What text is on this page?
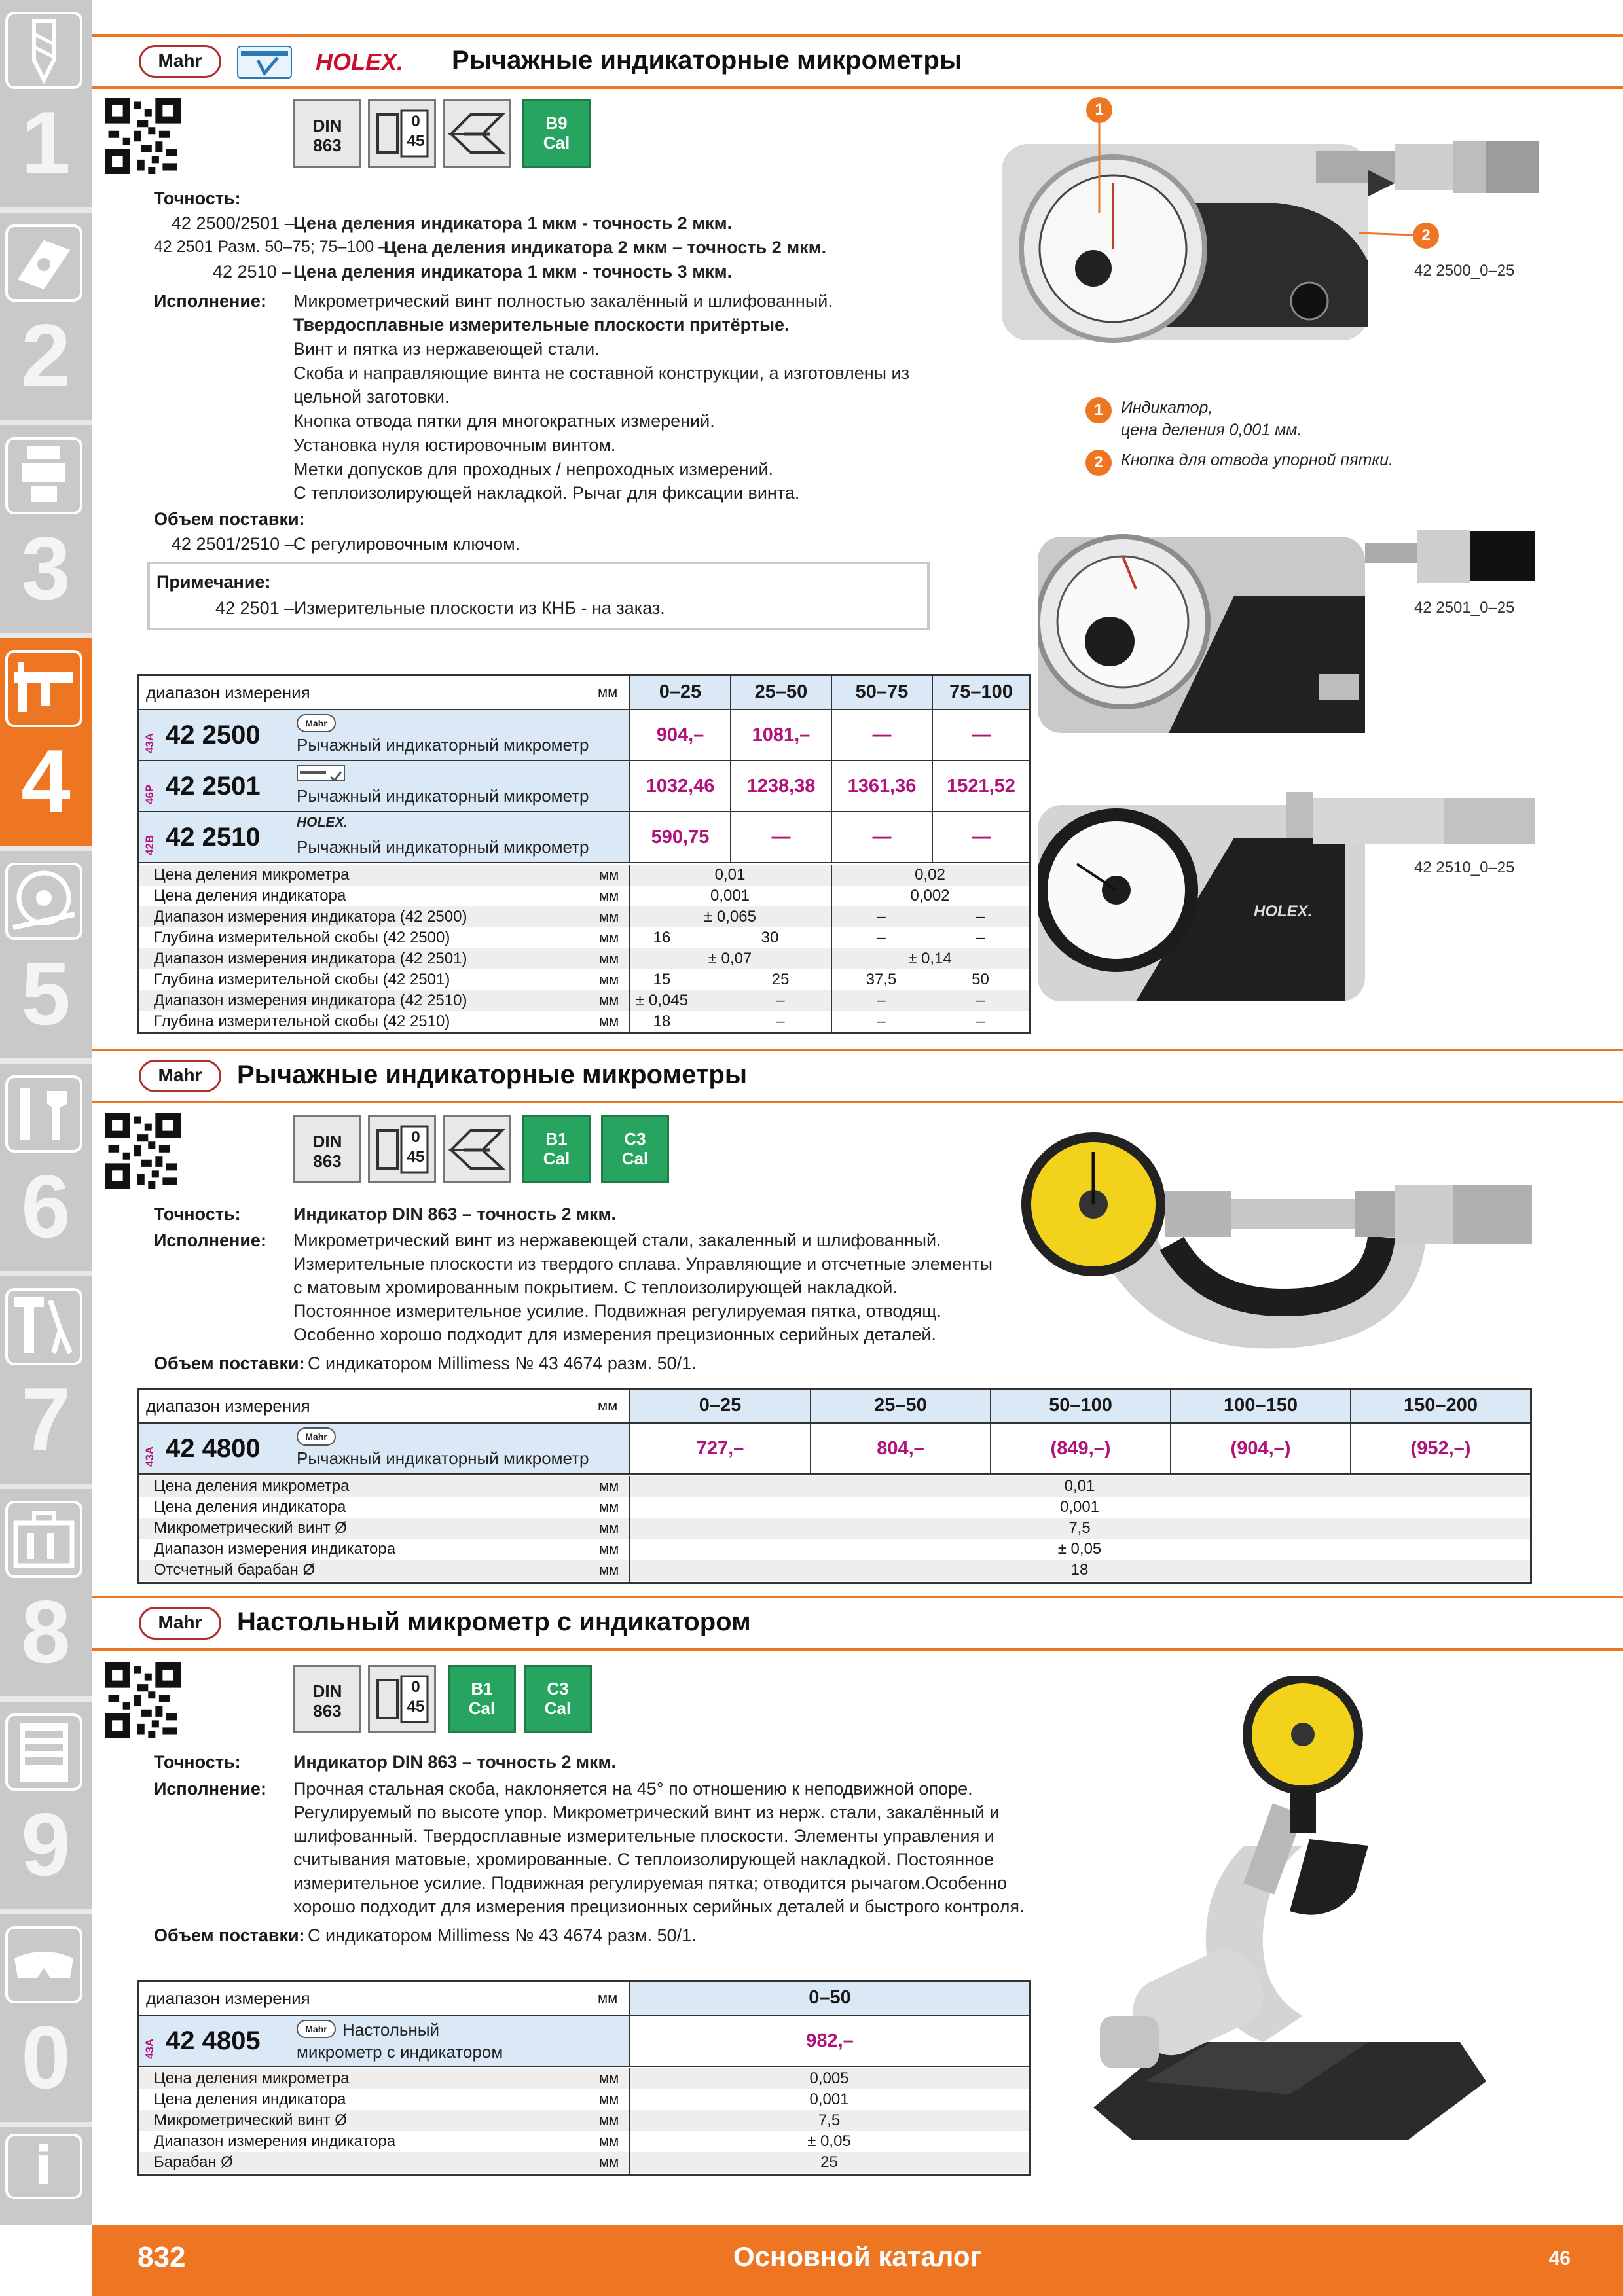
1
2
3
4
5
6
7
8
9
0
i
Mahr	HOLEX. Рычажные индикаторные микрометры
DIN
863
0
45
B9
Cal
Точность:
42 2500/2501 –
Цена деления индикатора 1 мкм - точность 2 мкм.
42 2501 Разм. 50–75; 75–100 –
Цена деления индикатора 2 мкм – точность 2 мкм.
42 2510 – Цена деления индикатора 1 мкм - точность 3 мкм.
Исполнение: Микрометрический винт полностью закалённый и шлифованный.
Твердосплавные измерительные плоскости притёртые.
Винт и пятка из нержавеющей стали.
Скоба и направляющие винта не составной конструкции, а изготовлены из
цельной заготовки.
Кнопка отвода пятки для многократных измерений.
Установка нуля юстировочным винтом.
Метки допусков для проходных / непроходных измерений.
С теплоизолирующей накладкой. Рычаг для фиксации винта.
Объем поставки:
42 2501/2510 –
С регулировочным ключом.
Примечание:
42 2501 – Измерительные плоскости из КНБ - на заказ.
1
2
42 2500_0–25
1	Индикатор,
цена деления 0,001 мм.
2	Кнопка для отвода упорной пятки.
42 2501_0–25
HOLEX.
42 2510_0–25
диапазон измерения	мм	0–25	25–50	50–75	75–100
43A 42 2500	Mahr
Рычажный индикаторный микрометр	904,–	1081,–	—	—
46P 42 2501 Рычажный индикаторный микрометр	1032,46	1238,38	1361,36	1521,52
42B 42 2510
HOLEX.
Рычажный индикаторный микрометр	590,75	—	—	—
Цена деления микрометра	мм	0,01	0,02
Цена деления индикатора	мм	0,001	0,002
Диапазон измерения индикатора (42 2500)	мм	± 0,065	–	–
Глубина измерительной скобы (42 2500)	мм	16	30	–	–
Диапазон измерения индикатора (42 2501)	мм	± 0,07	± 0,14
Глубина измерительной скобы (42 2501)	мм	15	25	37,5	50
Диапазон измерения индикатора (42 2510)	мм	± 0,045	–	–	–
Глубина измерительной скобы (42 2510)	мм	18	–	–	–
Mahr	Рычажные индикаторные микрометры
DIN
863
0
45
B1
Cal
C3
Cal
Точность:	Индикатор DIN 863 – точность 2 мкм.
Исполнение: Микрометрический винт из нержавеющей стали, закаленный и шлифованный.
Измерительные плоскости из твердого сплава. Управляющие и отсчетные элементы
с матовым хромированным покрытием. С теплоизолирующей накладкой.
Постоянное измерительное усилие. Подвижная регулируемая пятка, отводящ.
Особенно хорошо подходит для измерения прецизионных серийных деталей.
Объем поставки: С индикатором Millimess № 43 4674 разм. 50/1.
диапазон измерения	мм	0–25	25–50	50–100	100–150	150–200
43A 42 4800	Mahr
Рычажный индикаторный микрометр	727,–	804,–	(849,–)	(904,–)	(952,–)
Цена деления микрометра	мм	0,01
Цена деления индикатора	мм	0,001
Микрометрический винт Ø	мм	7,5
Диапазон измерения индикатора	мм	± 0,05
Отсчетный барабан Ø	мм	18
Mahr	Настольный микрометр с индикатором
DIN
863
0
45
B1
Cal
C3
Cal
Точность:	Индикатор DIN 863 – точность 2 мкм.
Исполнение: Прочная стальная скоба, наклоняется на 45° по отношению к неподвижной опоре.
Регулируемый по высоте упор. Микрометрический винт из нерж. стали, закалённый и
шлифованный. Твердосплавные измерительные плоскости. Элементы управления и
считывания матовые, хромированные. С теплоизолирующей накладкой. Постоянное
измерительное усилие. Подвижная регулируемая пятка; отводится рычагом.Особенно
хорошо подходит для измерения прецизионных серийных деталей и быстрого контроля.
Объем поставки: С индикатором Millimess № 43 4674 разм. 50/1.
диапазон измерения	мм	0–50
43A 42 4805	Mahr Настольный
микрометр с индикатором
982,–
Цена деления микрометра	мм	0,005
Цена деления индикатора	мм	0,001
Микрометрический винт Ø	мм	7,5
Диапазон измерения индикатора	мм	± 0,05
Барабан Ø	мм	25
Основной каталог
832	46
